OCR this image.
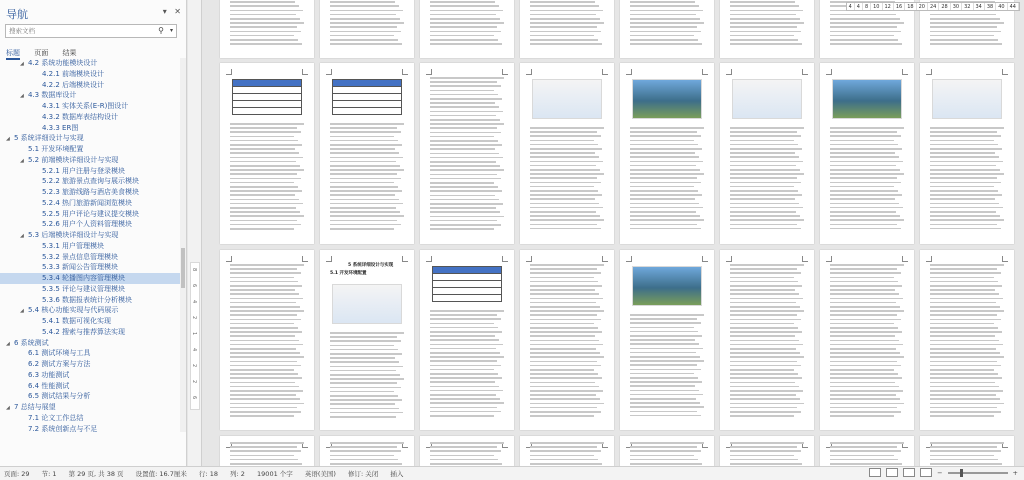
导航	▾ ✕
搜索文档
⚲ ▾
标题 页面 结果
◢ 4.2 系统功能模块设计
4.2.1 前端模块设计
4.2.2 后端模块设计
◢ 4.3 数据库设计
4.3.1 实体关系(E-R)图设计
4.3.2 数据库表结构设计
4.3.3 ER图
◢ 5 系统详细设计与实现
5.1 开发环境配置
◢ 5.2 前端模块详细设计与实现
5.2.1 用户注册与登录模块
5.2.2 旅游景点查询与展示模块
5.2.3 旅游线路与酒店美食模块
5.2.4 热门旅游新闻浏览模块
5.2.5 用户评论与建议提交模块
5.2.6 用户个人资料管理模块
◢ 5.3 后端模块详细设计与实现
5.3.1 用户管理模块
5.3.2 景点信息管理模块
5.3.3 新闻公告管理模块
5.3.4 轮播图内容管理模块
5.3.5 评论与建议管理模块
5.3.6 数据报表统计分析模块
◢ 5.4 核心功能实现与代码展示
5.4.1 数据可视化实现
5.4.2 搜索与推荐算法实现
◢ 6 系统测试
6.1 测试环境与工具
6.2 测试方案与方法
6.3 功能测试
6.4 性能测试
6.5 测试结果与分析
◢ 7 总结与展望
7.1 论文工作总结
7.2 系统创新点与不足
8
6
4
2
1
4
2
2
6
5 系统详细设计与实现
5.1 开发环境配置
4	4	8	10	12	16	18	20	24	28	30	32	34	38	40	44
页面: 29 节: 1 第 29 页, 共 38 页 设置值: 16.7厘米 行: 18 列: 2 19001 个字 英语(美国) 修订: 关闭 插入	−	+
